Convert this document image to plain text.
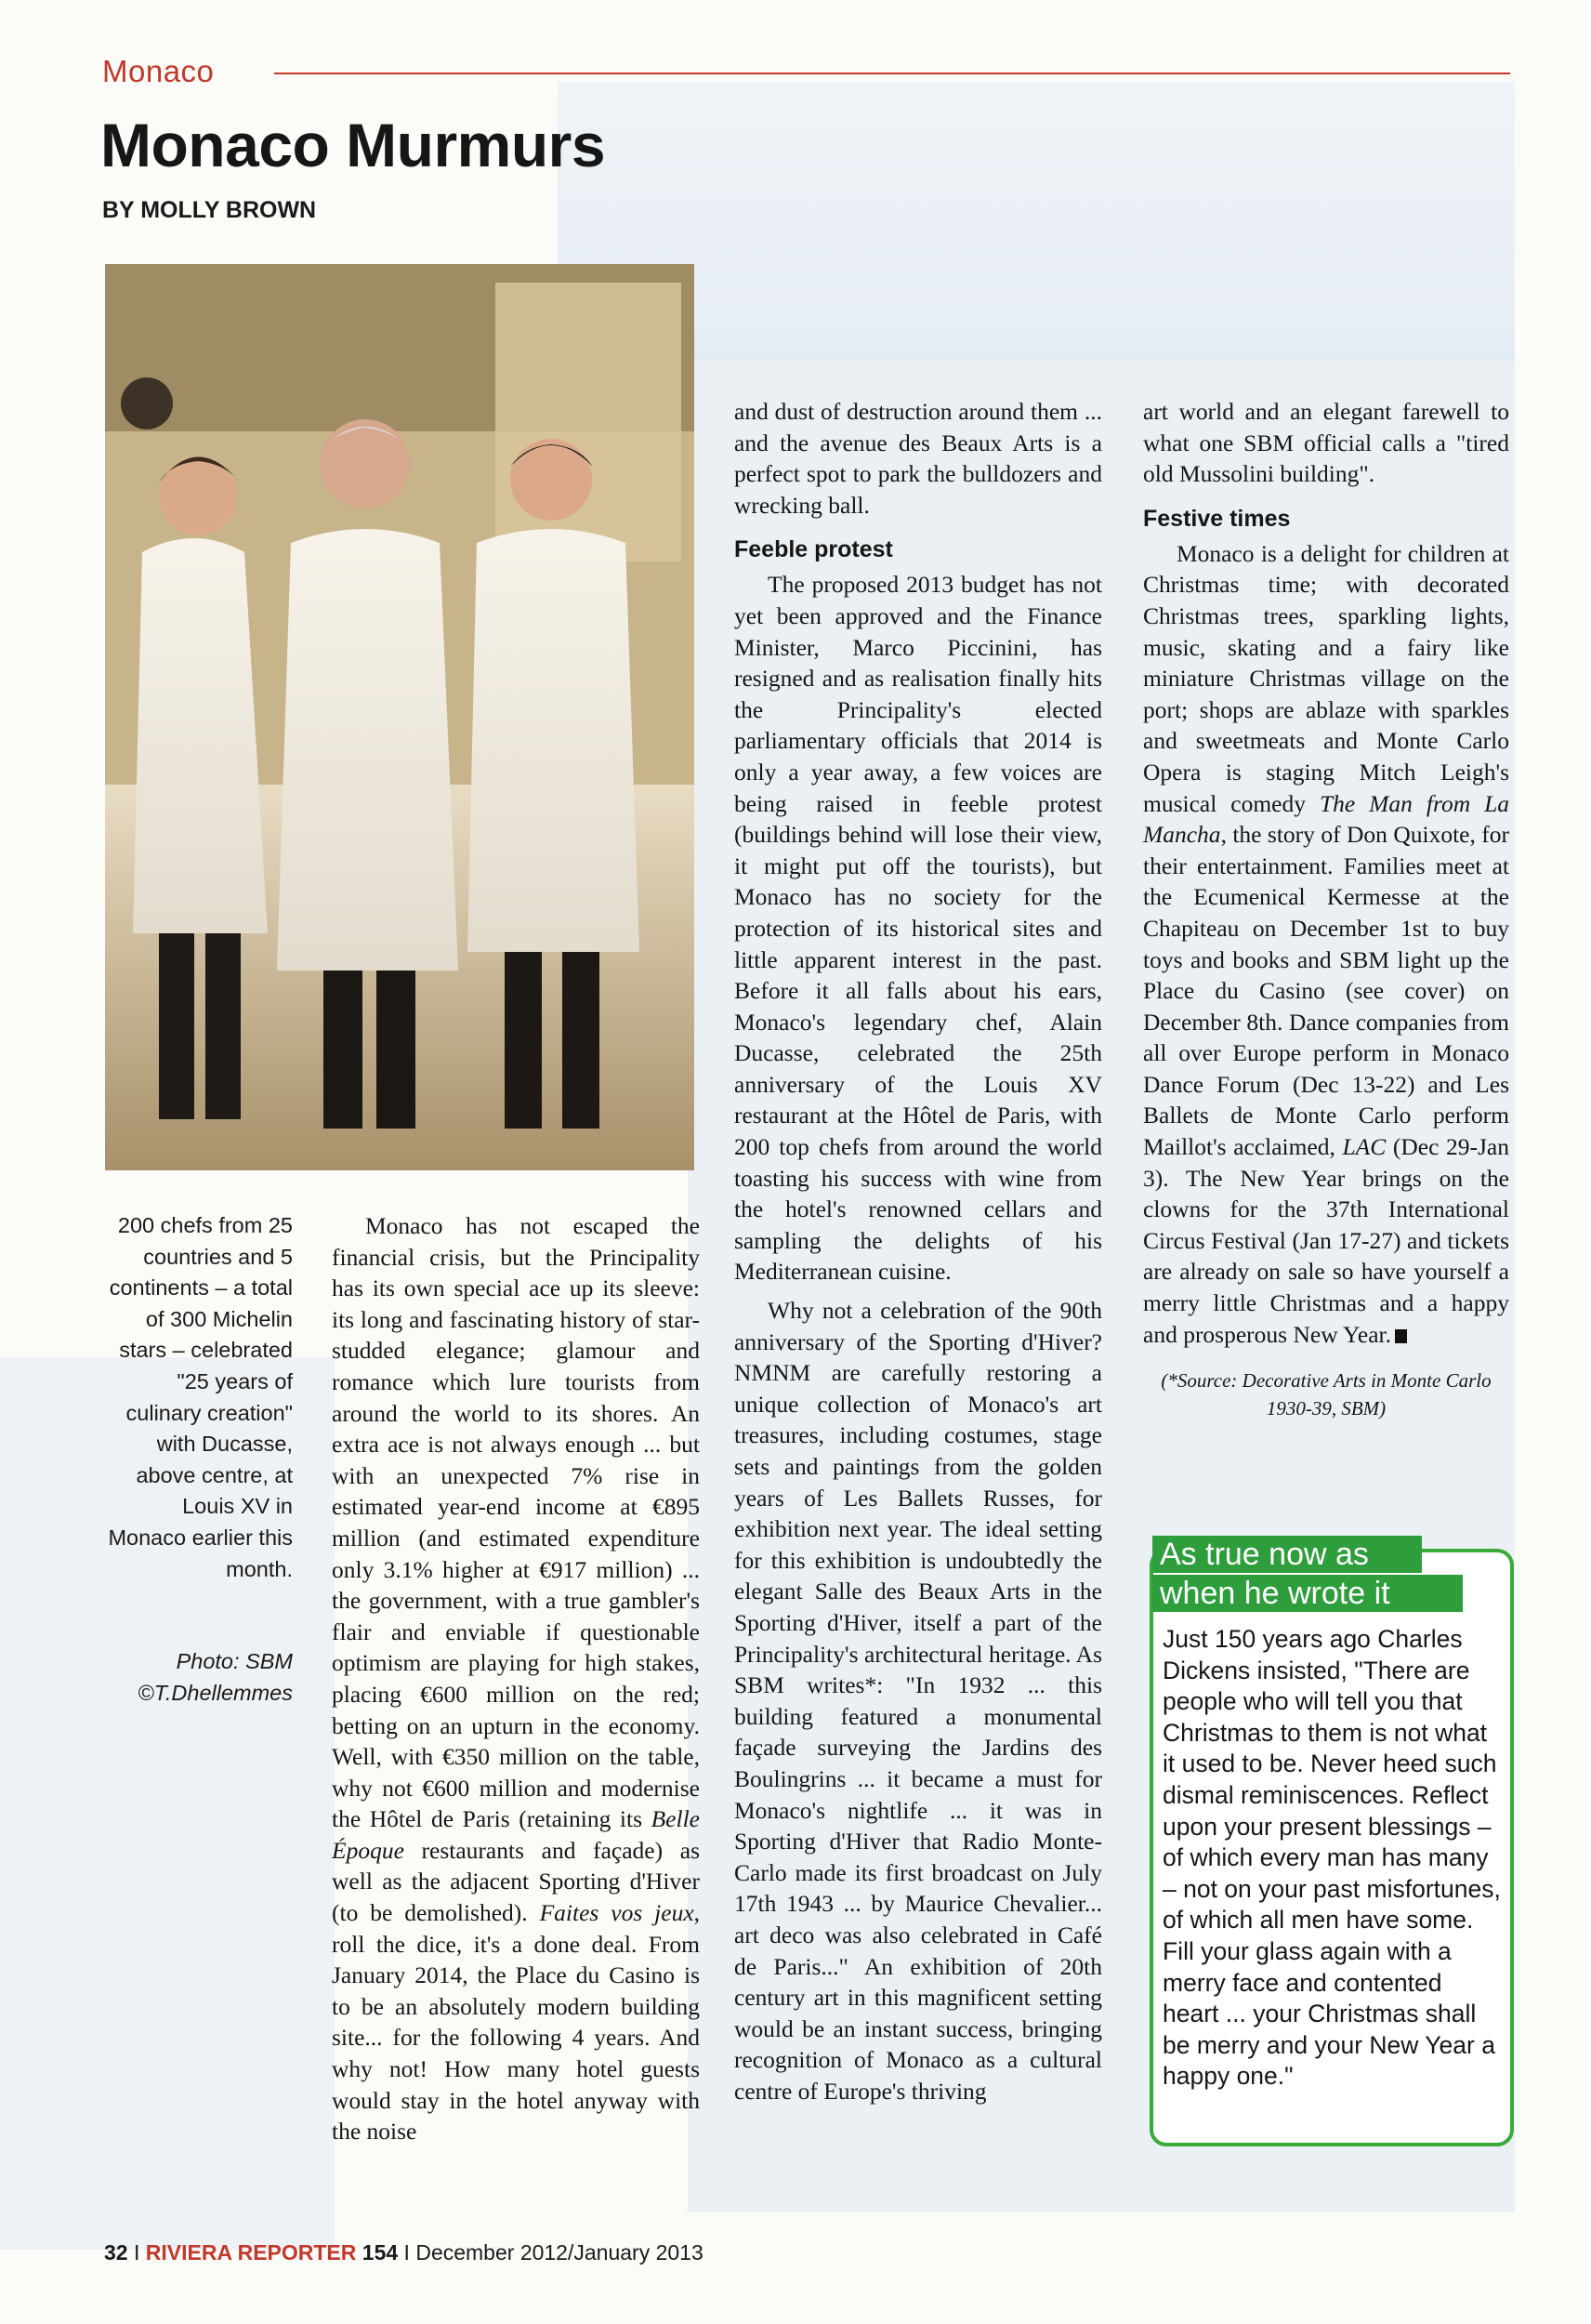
Monaco
Monaco Murmurs
BY MOLLY BROWN
200 chefs from 25 countries and 5 continents – a total of 300 Michelin stars – celebrated "25 years of culinary creation" with Ducasse, above centre, at Louis XV in Monaco earlier this month.
Photo: SBM
©T.Dhellemmes

Monaco has not escaped the financial crisis, but the Principality has its own special ace up its sleeve: its long and fascinating history of star-studded elegance; glamour and romance which lure tourists from around the world to its shores. An extra ace is not always enough ... but with an unexpected 7% rise in estimated year-end income at €895 million (and estimated expenditure only 3.1% higher at €917 million) ... the government, with a true gambler's flair and enviable if questionable optimism are playing for high stakes, placing €600 million on the red; betting on an upturn in the economy. Well, with €350 million on the table, why not €600 million and modernise the Hôtel de Paris (retaining its Belle Époque restaurants and façade) as well as the adjacent Sporting d'Hiver (to be demolished). Faites vos jeux, roll the dice, it's a done deal. From January 2014, the Place du Casino is to be an absolutely modern building site... for the following 4 years. And why not! How many hotel guests would stay in the hotel anyway with the noise

and dust of destruction around them ... and the avenue des Beaux Arts is a perfect spot to park the bulldozers and wrecking ball.

Feeble protest

The proposed 2013 budget has not yet been approved and the Finance Minister, Marco Piccinini, has resigned and as realisation finally hits the Principality's elected parliamentary officials that 2014 is only a year away, a few voices are being raised in feeble protest (buildings behind will lose their view, it might put off the tourists), but Monaco has no society for the protection of its historical sites and little apparent interest in the past. Before it all falls about his ears, Monaco's legendary chef, Alain Ducasse, celebrated the 25th anniversary of the Louis XV restaurant at the Hôtel de Paris, with 200 top chefs from around the world toasting his success with wine from the hotel's renowned cellars and sampling the delights of his Mediterranean cuisine.

Why not a celebration of the 90th anniversary of the Sporting d'Hiver? NMNM are carefully restoring a unique collection of Monaco's art treasures, including costumes, stage sets and paintings from the golden years of Les Ballets Russes, for exhibition next year. The ideal setting for this exhibition is undoubtedly the elegant Salle des Beaux Arts in the Sporting d'Hiver, itself a part of the Principality's architectural heritage. As SBM writes*: "In 1932 ... this building featured a monumental façade surveying the Jardins des Boulingrins ... it became a must for Monaco's nightlife ... it was in Sporting d'Hiver that Radio Monte-Carlo made its first broadcast on July 17th 1943 ... by Maurice Chevalier... art deco was also celebrated in Café de Paris..." An exhibition of 20th century art in this magnificent setting would be an instant success, bringing recognition of Monaco as a cultural centre of Europe's thriving

art world and an elegant farewell to what one SBM official calls a "tired old Mussolini building".

Festive times

Monaco is a delight for children at Christmas time; with decorated Christmas trees, sparkling lights, music, skating and a fairy like miniature Christmas village on the port; shops are ablaze with sparkles and sweetmeats and Monte Carlo Opera is staging Mitch Leigh's musical comedy The Man from La Mancha, the story of Don Quixote, for their entertainment. Families meet at the Ecumenical Kermesse at the Chapiteau on December 1st to buy toys and books and SBM light up the Place du Casino (see cover) on December 8th. Dance companies from all over Europe perform in Monaco Dance Forum (Dec 13-22) and Les Ballets de Monte Carlo perform Maillot's acclaimed, LAC (Dec 29-Jan 3). The New Year brings on the clowns for the 37th International Circus Festival (Jan 17-27) and tickets are already on sale so have yourself a merry little Christmas and a happy and prosperous New Year.

(*Source: Decorative Arts in Monte Carlo 1930-39, SBM)

As true now as
when he wrote it
Just 150 years ago Charles Dickens insisted, "There are people who will tell you that Christmas to them is not what it used to be. Never heed such dismal reminiscences. Reflect upon your present blessings – of which every man has many – not on your past misfortunes, of which all men have some. Fill your glass again with a merry face and contented heart ... your Christmas shall be merry and your New Year a happy one."
32 I RIVIERA REPORTER 154 I December 2012/January 2013
